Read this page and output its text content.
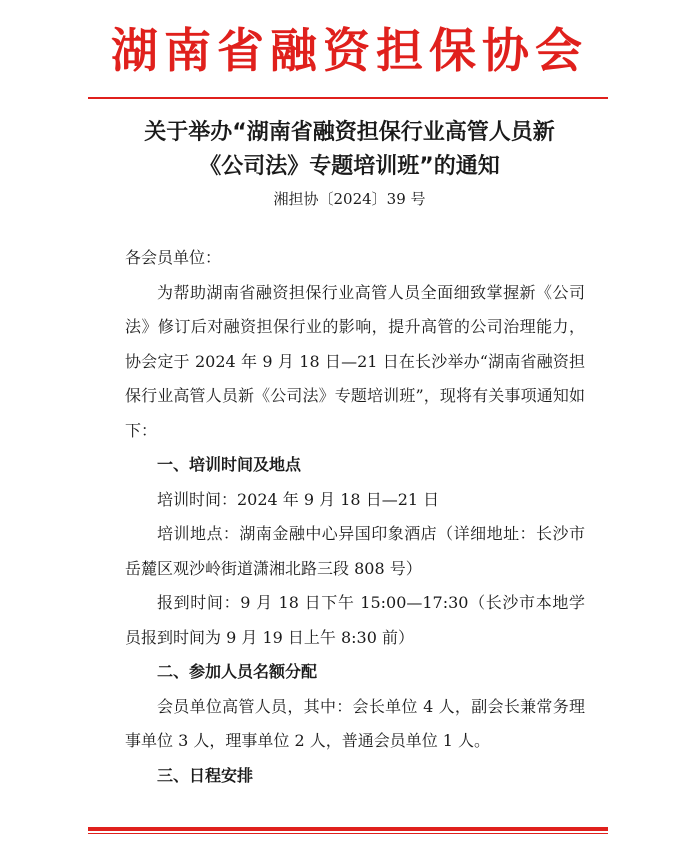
湖南省融资担保协会
关于举办“湖南省融资担保行业高管人员新
《公司法》专题培训班”的通知
湘担协〔2024〕39 号

各会员单位：

为帮助湖南省融资担保行业高管人员全面细致掌握新《公司法》修订后对融资担保行业的影响，提升高管的公司治理能力，协会定于 2024 年 9 月 18 日—21 日在长沙举办“湖南省融资担保行业高管人员新《公司法》专题培训班”，现将有关事项通知如下：

一、培训时间及地点

培训时间：2024 年 9 月 18 日—21 日

培训地点：湖南金融中心异国印象酒店（详细地址：长沙市岳麓区观沙岭街道潇湘北路三段 808 号）

报到时间：9 月 18 日下午 15:00—17:30（长沙市本地学员报到时间为 9 月 19 日上午 8:30 前）

二、参加人员名额分配

会员单位高管人员，其中：会长单位 4 人，副会长兼常务理事单位 3 人，理事单位 2 人，普通会员单位 1 人。

三、日程安排
